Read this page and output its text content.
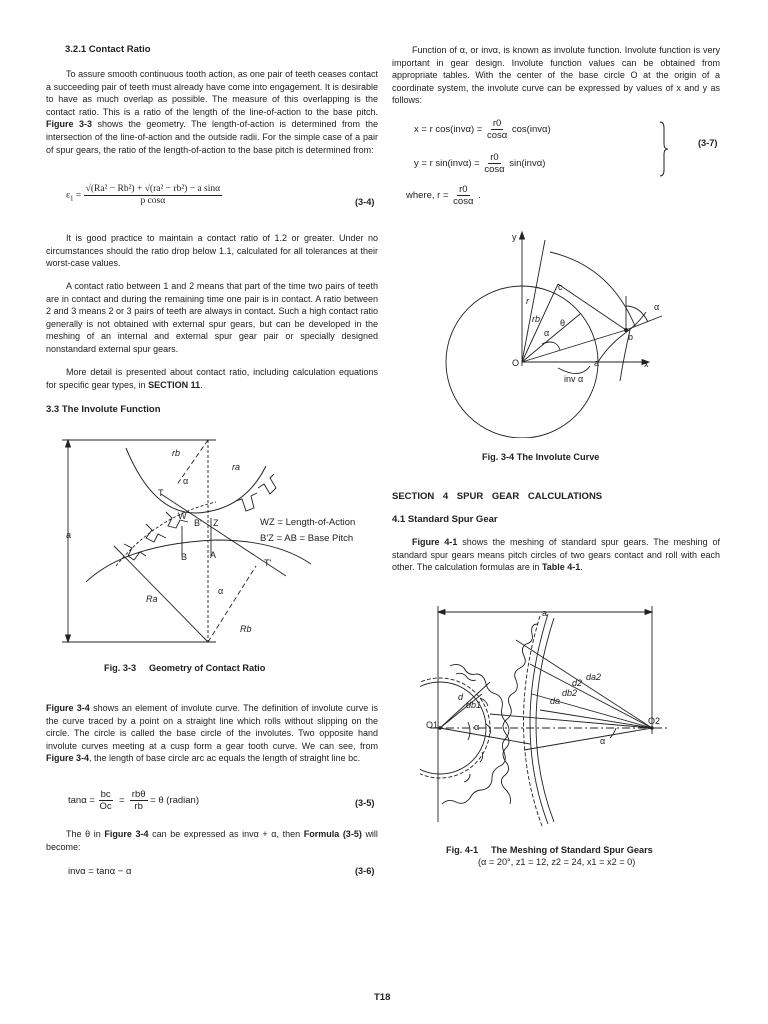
3.2.1 Contact Ratio
To assure smooth continuous tooth action, as one pair of teeth ceases contact a succeeding pair of teeth must already have come into engagement. It is desirable to have as much overlap as possible. The measure of this overlapping is the contact ratio. This is a ratio of the length of the line-of-action to the base pitch. Figure 3-3 shows the geometry. The length-of-action is determined from the intersection of the line-of-action and the outside radii. For the simple case of a pair of spur gears, the ratio of the length-of-action to the base pitch is determined from:
$\varepsilon_1 = \frac{\text{√(Ra² − Rb²) + √(ra² − rb²) − a sinα}}{\text{p cosα}}$	(3-4)
It is good practice to maintain a contact ratio of 1.2 or greater. Under no circumstances should the ratio drop below 1.1, calculated for all tolerances at their worst-case values.
A contact ratio between 1 and 2 means that part of the time two pairs of teeth are in contact and during the remaining time one pair is in contact. A ratio between 2 and 3 means 2 or 3 pairs of teeth are always in contact. Such a high contact ratio generally is not obtained with external spur gears, but can be developed in the meshing of an internal and external spur gear pair or specially designed nonstandard external spur gears.
More detail is presented about contact ratio, including calculation equations for specific gear types, in SECTION 11.
3.3 The Involute Function
rb
ra
α
T
W
B' Z
B	A
T'
a
Ra
Rb
α
WZ = Length-of-Action
B'Z = AB = Base Pitch
Fig. 3-3 Geometry of Contact Ratio
Figure 3-4 shows an element of involute curve. The definition of involute curve is the curve traced by a point on a straight line which rolls without slipping on the circle. The circle is called the base circle of the involutes. Two opposite hand involute curves meeting at a cusp form a gear tooth curve. We can see, from Figure 3-4, the length of base circle arc ac equals the length of straight line bc.
$\tan\alpha = \frac{bc}{Oc} = \frac{\text{rbθ}}{rb} = \theta$ (radian)	(3-5)
The θ in Figure 3-4 can be expressed as invα + α, then Formula (3-5) will become:
invα = tanα − α	(3-6)
Function of α, or invα, is known as involute function. Involute function is very important in gear design. Involute function values can be obtained from appropriate tables. With the center of the base circle O at the origin of a coordinate system, the involute curve can be expressed by values of x and y as follows:
x = r $\cos(inv\alpha) = \frac{r0}{\cos\alpha} \cos(inv\alpha)$
y = r $\sin(inv\alpha) = \frac{r0}{\cos\alpha} \sin(inv\alpha)$
(3-7)
where, $r = \frac{r0}{\cos\alpha}$ .
y
x
O	a
b
c
r
rb θ
α
α
inv α
Fig. 3-4 The Involute Curve
SECTION 4 SPUR GEAR CALCULATIONS
4.1 Standard Spur Gear
Figure 4-1 shows the meshing of standard spur gears. The meshing of standard spur gears means pitch circles of two gears contact and roll with each other. The calculation formulas are in Table 4-1.
a
O1	O2
d
db1
d2
da2
db2
da
α
α
Fig. 4-1 The Meshing of Standard Spur Gears
(α = 20°, z1 = 12, z2 = 24, x1 = x2 = 0)
T18
